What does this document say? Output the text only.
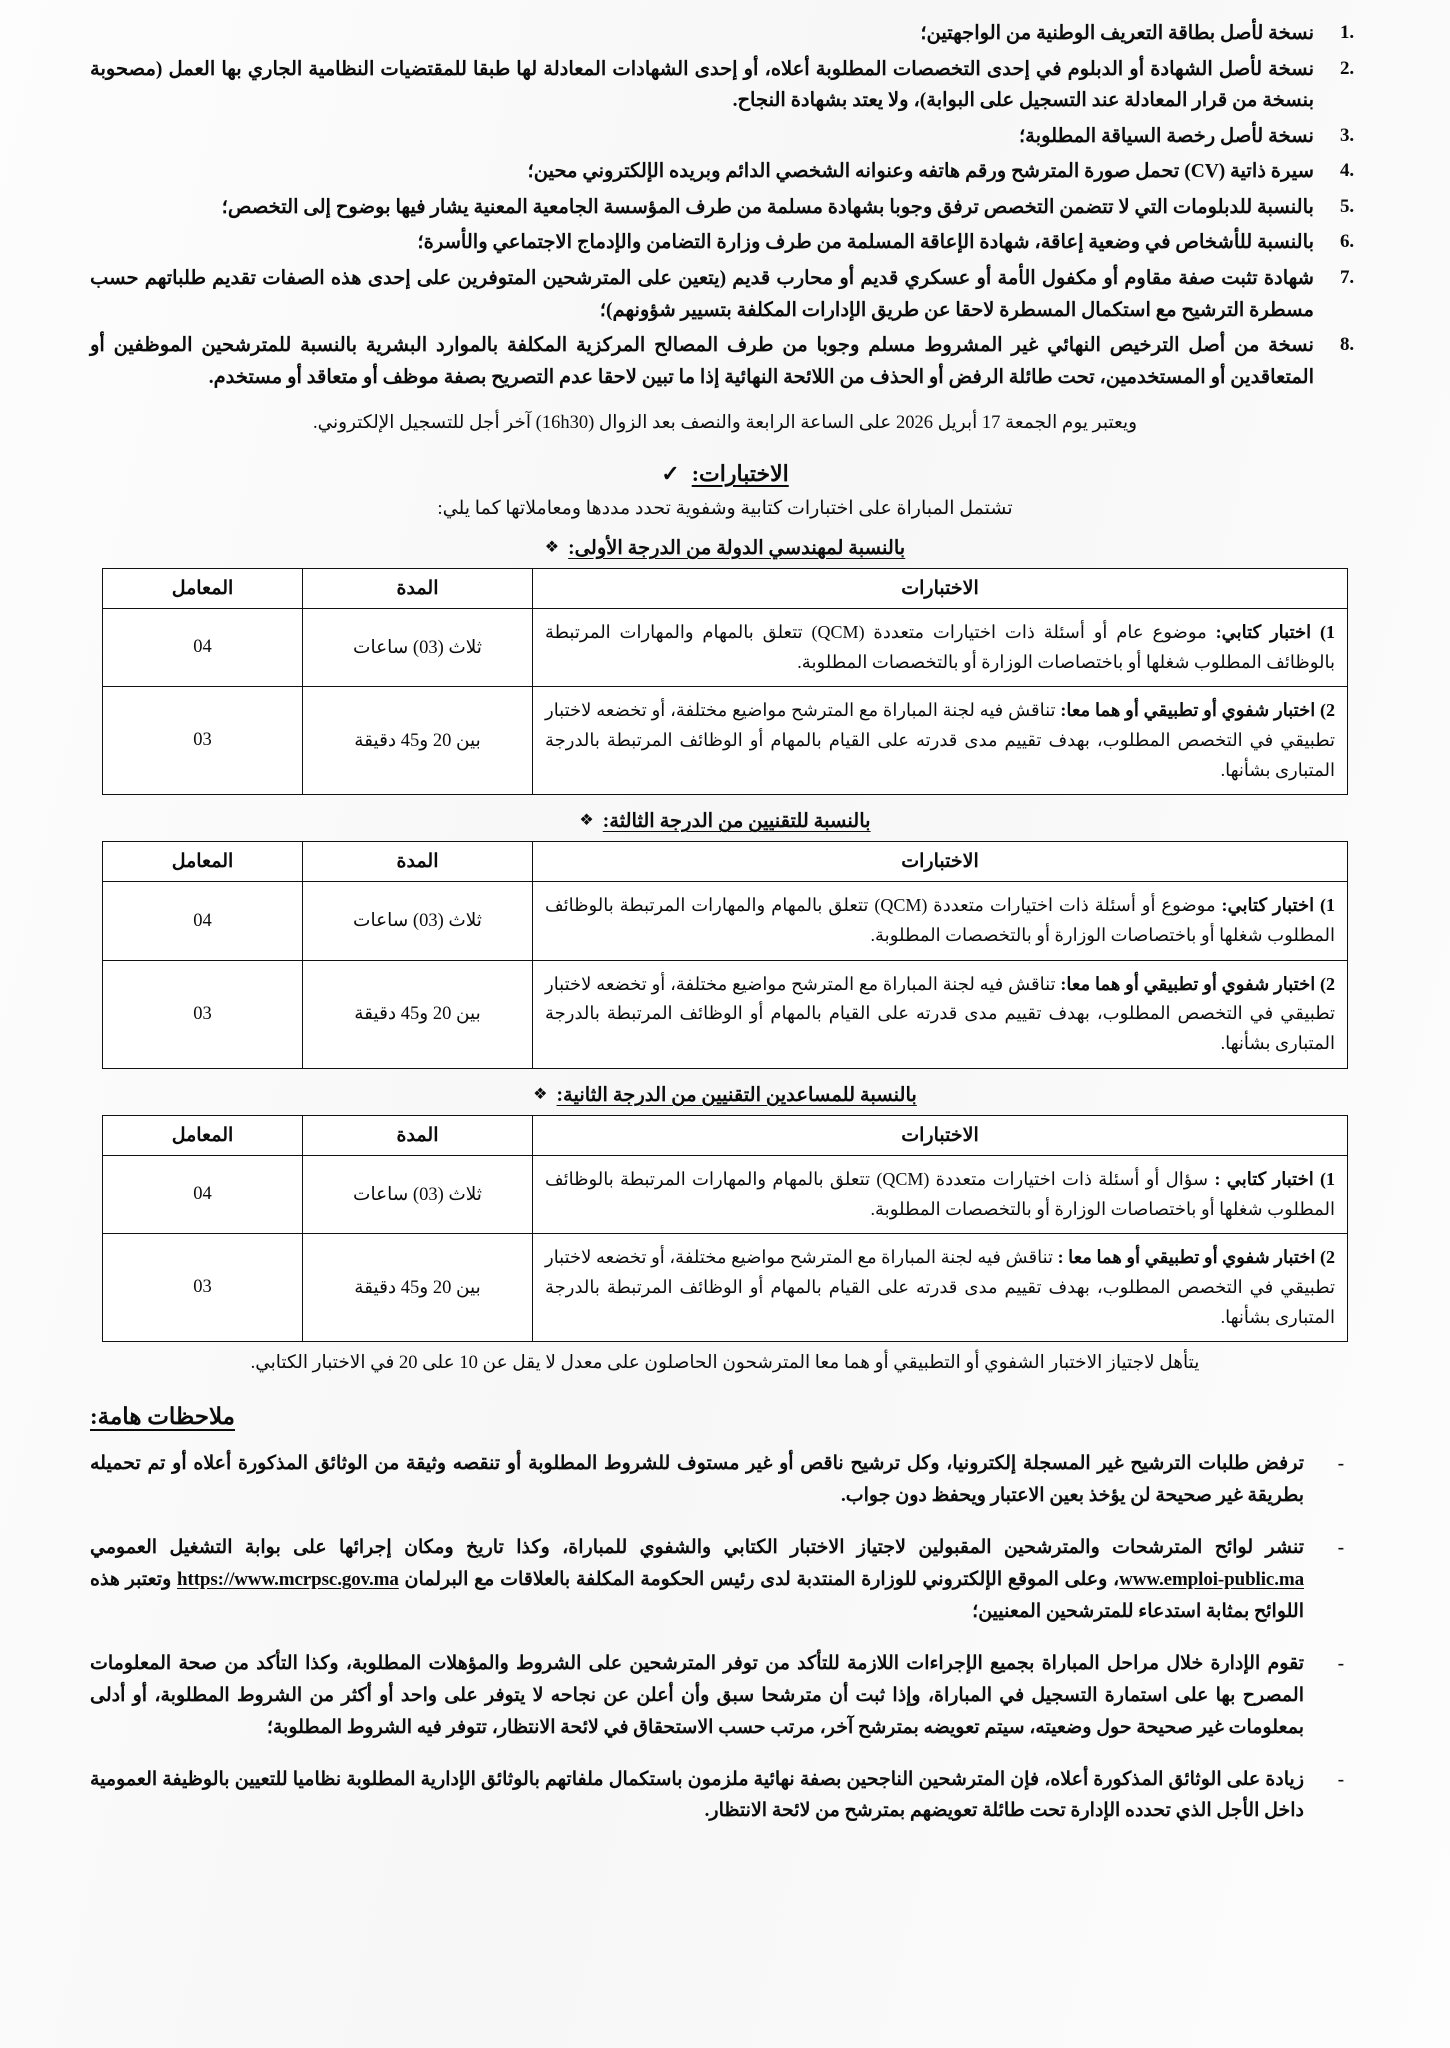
نسخة لأصل بطاقة التعريف الوطنية من الواجهتين؛
نسخة لأصل الشهادة أو الدبلوم في إحدى التخصصات المطلوبة أعلاه، أو إحدى الشهادات المعادلة لها طبقا للمقتضيات النظامية الجاري بها العمل (مصحوبة بنسخة من قرار المعادلة عند التسجيل على البوابة)، ولا يعتد بشهادة النجاح.
نسخة لأصل رخصة السياقة المطلوبة؛
سيرة ذاتية (CV) تحمل صورة المترشح ورقم هاتفه وعنوانه الشخصي الدائم وبريده الإلكتروني محين؛
بالنسبة للدبلومات التي لا تتضمن التخصص ترفق وجوبا بشهادة مسلمة من طرف المؤسسة الجامعية المعنية يشار فيها بوضوح إلى التخصص؛
بالنسبة للأشخاص في وضعية إعاقة، شهادة الإعاقة المسلمة من طرف وزارة التضامن والإدماج الاجتماعي والأسرة؛
شهادة تثبت صفة مقاوم أو مكفول الأمة أو عسكري قديم أو محارب قديم (يتعين على المترشحين المتوفرين على إحدى هذه الصفات تقديم طلباتهم حسب مسطرة الترشيح مع استكمال المسطرة لاحقا عن طريق الإدارات المكلفة بتسيير شؤونهم)؛
نسخة من أصل الترخيص النهائي غير المشروط مسلم وجوبا من طرف المصالح المركزية المكلفة بالموارد البشرية بالنسبة للمترشحين الموظفين أو المتعاقدين أو المستخدمين، تحت طائلة الرفض أو الحذف من اللائحة النهائية إذا ما تبين لاحقا عدم التصريح بصفة موظف أو متعاقد أو مستخدم.

ويعتبر يوم الجمعة 17 أبريل 2026 على الساعة الرابعة والنصف بعد الزوال (16h30) آخر أجل للتسجيل الإلكتروني.

الاختبارات:
✓

تشتمل المباراة على اختبارات كتابية وشفوية تحدد مددها ومعاملاتها كما يلي:

بالنسبة لمهندسي الدولة من الدرجة الأولى:
❖
الاختبارات	المدة	المعامل
1) اختبار كتابي: موضوع عام أو أسئلة ذات اختيارات متعددة (QCM) تتعلق بالمهام والمهارات المرتبطة بالوظائف المطلوب شغلها أو باختصاصات الوزارة أو بالتخصصات المطلوبة.	ثلاث (03) ساعات	04
2) اختبار شفوي أو تطبيقي أو هما معا: تناقش فيه لجنة المباراة مع المترشح مواضيع مختلفة، أو تخضعه لاختبار تطبيقي في التخصص المطلوب، بهدف تقييم مدى قدرته على القيام بالمهام أو الوظائف المرتبطة بالدرجة المتبارى بشأنها.	بين 20 و45 دقيقة	03
بالنسبة للتقنيين من الدرجة الثالثة:
❖
الاختبارات	المدة	المعامل
1) اختبار كتابي: موضوع أو أسئلة ذات اختيارات متعددة (QCM) تتعلق بالمهام والمهارات المرتبطة بالوظائف المطلوب شغلها أو باختصاصات الوزارة أو بالتخصصات المطلوبة.	ثلاث (03) ساعات	04
2) اختبار شفوي أو تطبيقي أو هما معا: تناقش فيه لجنة المباراة مع المترشح مواضيع مختلفة، أو تخضعه لاختبار تطبيقي في التخصص المطلوب، بهدف تقييم مدى قدرته على القيام بالمهام أو الوظائف المرتبطة بالدرجة المتبارى بشأنها.	بين 20 و45 دقيقة	03
بالنسبة للمساعدين التقنيين من الدرجة الثانية:
❖
الاختبارات	المدة	المعامل
1) اختبار كتابي : سؤال أو أسئلة ذات اختيارات متعددة (QCM) تتعلق بالمهام والمهارات المرتبطة بالوظائف المطلوب شغلها أو باختصاصات الوزارة أو بالتخصصات المطلوبة.	ثلاث (03) ساعات	04
2) اختبار شفوي أو تطبيقي أو هما معا : تناقش فيه لجنة المباراة مع المترشح مواضيع مختلفة، أو تخضعه لاختبار تطبيقي في التخصص المطلوب، بهدف تقييم مدى قدرته على القيام بالمهام أو الوظائف المرتبطة بالدرجة المتبارى بشأنها.	بين 20 و45 دقيقة	03

يتأهل لاجتياز الاختبار الشفوي أو التطبيقي أو هما معا المترشحون الحاصلون على معدل لا يقل عن 10 على 20 في الاختبار الكتابي.

ملاحظات هامة:
- ترفض طلبات الترشيح غير المسجلة إلكترونيا، وكل ترشيح ناقص أو غير مستوف للشروط المطلوبة أو تنقصه وثيقة من الوثائق المذكورة أعلاه أو تم تحميله بطريقة غير صحيحة لن يؤخذ بعين الاعتبار ويحفظ دون جواب.
- تنشر لوائح المترشحات والمترشحين المقبولين لاجتياز الاختبار الكتابي والشفوي للمباراة، وكذا تاريخ ومكان إجرائها على بوابة التشغيل العمومي www.emploi-public.ma، وعلى الموقع الإلكتروني للوزارة المنتدبة لدى رئيس الحكومة المكلفة بالعلاقات مع البرلمان https://www.mcrpsc.gov.ma وتعتبر هذه اللوائح بمثابة استدعاء للمترشحين المعنيين؛
- تقوم الإدارة خلال مراحل المباراة بجميع الإجراءات اللازمة للتأكد من توفر المترشحين على الشروط والمؤهلات المطلوبة، وكذا التأكد من صحة المعلومات المصرح بها على استمارة التسجيل في المباراة، وإذا ثبت أن مترشحا سبق وأن أعلن عن نجاحه لا يتوفر على واحد أو أكثر من الشروط المطلوبة، أو أدلى بمعلومات غير صحيحة حول وضعيته، سيتم تعويضه بمترشح آخر، مرتب حسب الاستحقاق في لائحة الانتظار، تتوفر فيه الشروط المطلوبة؛
- زيادة على الوثائق المذكورة أعلاه، فإن المترشحين الناجحين بصفة نهائية ملزمون باستكمال ملفاتهم بالوثائق الإدارية المطلوبة نظاميا للتعيين بالوظيفة العمومية داخل الأجل الذي تحدده الإدارة تحت طائلة تعويضهم بمترشح من لائحة الانتظار.
